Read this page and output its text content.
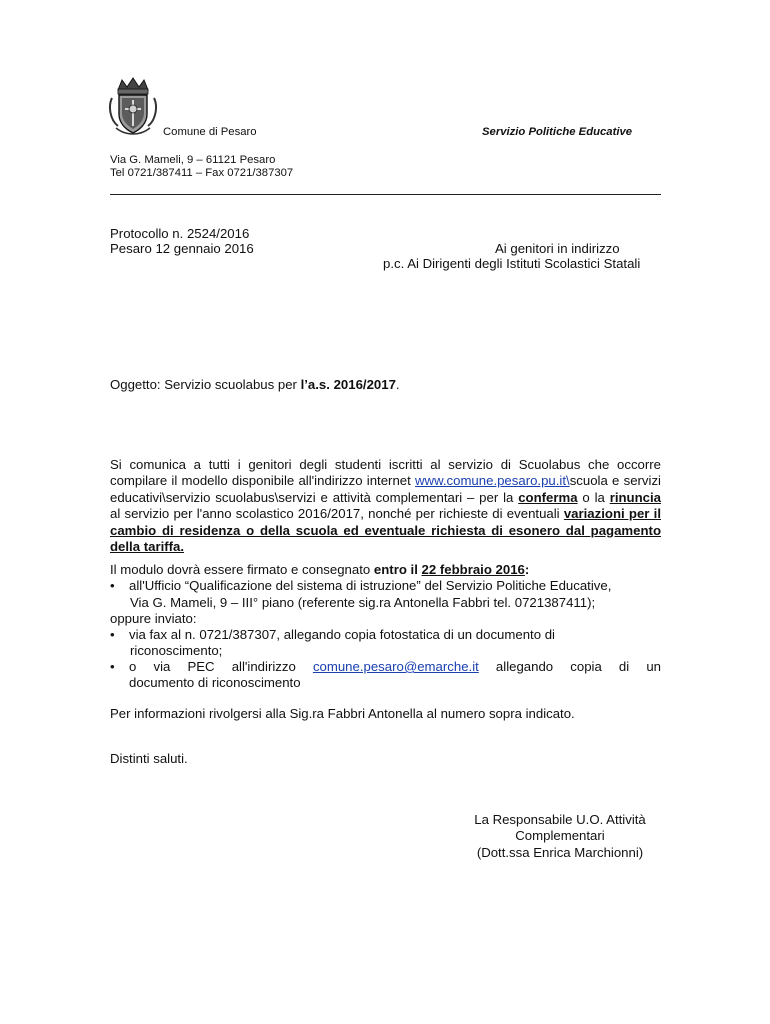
Comune di Pesaro	Servizio Politiche Educative
Via G. Mameli, 9 – 61121 Pesaro
Tel 0721/387411 – Fax 0721/387307
Protocollo n. 2524/2016
Pesaro 12 gennaio 2016	Ai genitori in indirizzo
p.c. Ai Dirigenti degli Istituti Scolastici Statali
Oggetto: Servizio scuolabus per l’a.s. 2016/2017.
Si comunica a tutti i genitori degli studenti iscritti al servizio di Scuolabus che occorre compilare il modello disponibile all'indirizzo internet www.comune.pesaro.pu.it\scuola e servizi educativi\servizio scuolabus\servizi e attività complementari – per la conferma o la rinuncia al servizio per l'anno scolastico 2016/2017, nonché per richieste di eventuali variazioni per il cambio di residenza o della scuola ed eventuale richiesta di esonero dal pagamento della tariffa.
Il modulo dovrà essere firmato e consegnato entro il 22 febbraio 2016:
• all'Ufficio “Qualificazione del sistema di istruzione” del Servizio Politiche Educative,
Via G. Mameli, 9 – III° piano (referente sig.ra Antonella Fabbri tel. 0721387411);
oppure inviato:
• via fax al n. 0721/387307, allegando copia fotostatica di un documento di
riconoscimento;
• o via PEC all'indirizzo comune.pesaro@emarche.it allegando copia di un
documento di riconoscimento
Per informazioni rivolgersi alla Sig.ra Fabbri Antonella al numero sopra indicato.
Distinti saluti.
La Responsabile U.O. Attività
Complementari
(Dott.ssa Enrica Marchionni)
